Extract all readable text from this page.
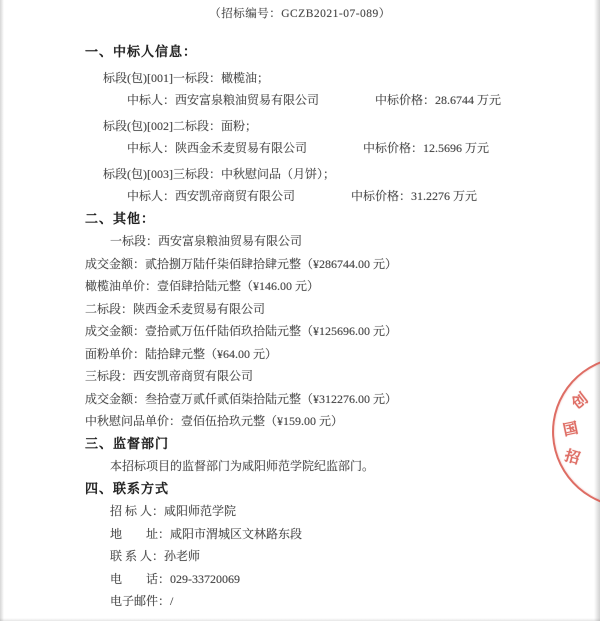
（招标编号：GCZB2021-07-089）
一、中标人信息：
标段(包)[001]一标段：橄榄油；
中标人：西安富泉粮油贸易有限公司	中标价格：28.6744 万元
标段(包)[002]二标段：面粉；
中标人：陕西金禾麦贸易有限公司	中标价格：12.5696 万元
标段(包)[003]三标段：中秋慰问品（月饼）；
中标人：西安凯帝商贸有限公司	中标价格：31.2276 万元
二、其他：
一标段：西安富泉粮油贸易有限公司
成交金额：贰拾捌万陆仟柒佰肆拾肆元整（¥286744.00 元）
橄榄油单价：壹佰肆拾陆元整（¥146.00 元）
二标段：陕西金禾麦贸易有限公司
成交金额：壹拾贰万伍仟陆佰玖拾陆元整（¥125696.00 元）
面粉单价：陆拾肆元整（¥64.00 元）
三标段：西安凯帝商贸有限公司
成交金额：叁拾壹万贰仟贰佰柒拾陆元整（¥312276.00 元）
中秋慰问品单价：壹佰伍拾玖元整（¥159.00 元）
三、监督部门
本招标项目的监督部门为咸阳师范学院纪监部门。
四、联系方式
招 标 人：咸阳师范学院
地　　址：咸阳市渭城区文林路东段
联 系 人：孙老师
电　　话：029-33720069
电子邮件：/
创
国
招
